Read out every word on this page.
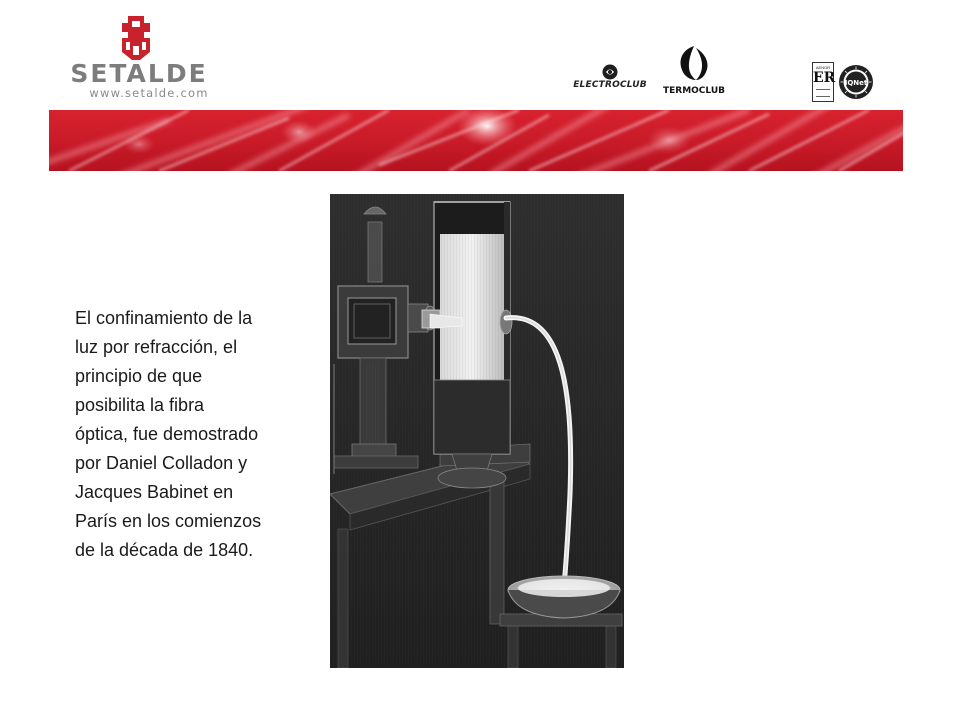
SETALDE
www.setalde.com
ELECTROCLUB
TERMOCLUB
AENOR
ER IQNet
El confinamiento de la
luz por refracción, el
principio de que
posibilita la fibra
óptica, fue demostrado
por Daniel Colladon y
Jacques Babinet en
París en los comienzos
de la década de 1840.
